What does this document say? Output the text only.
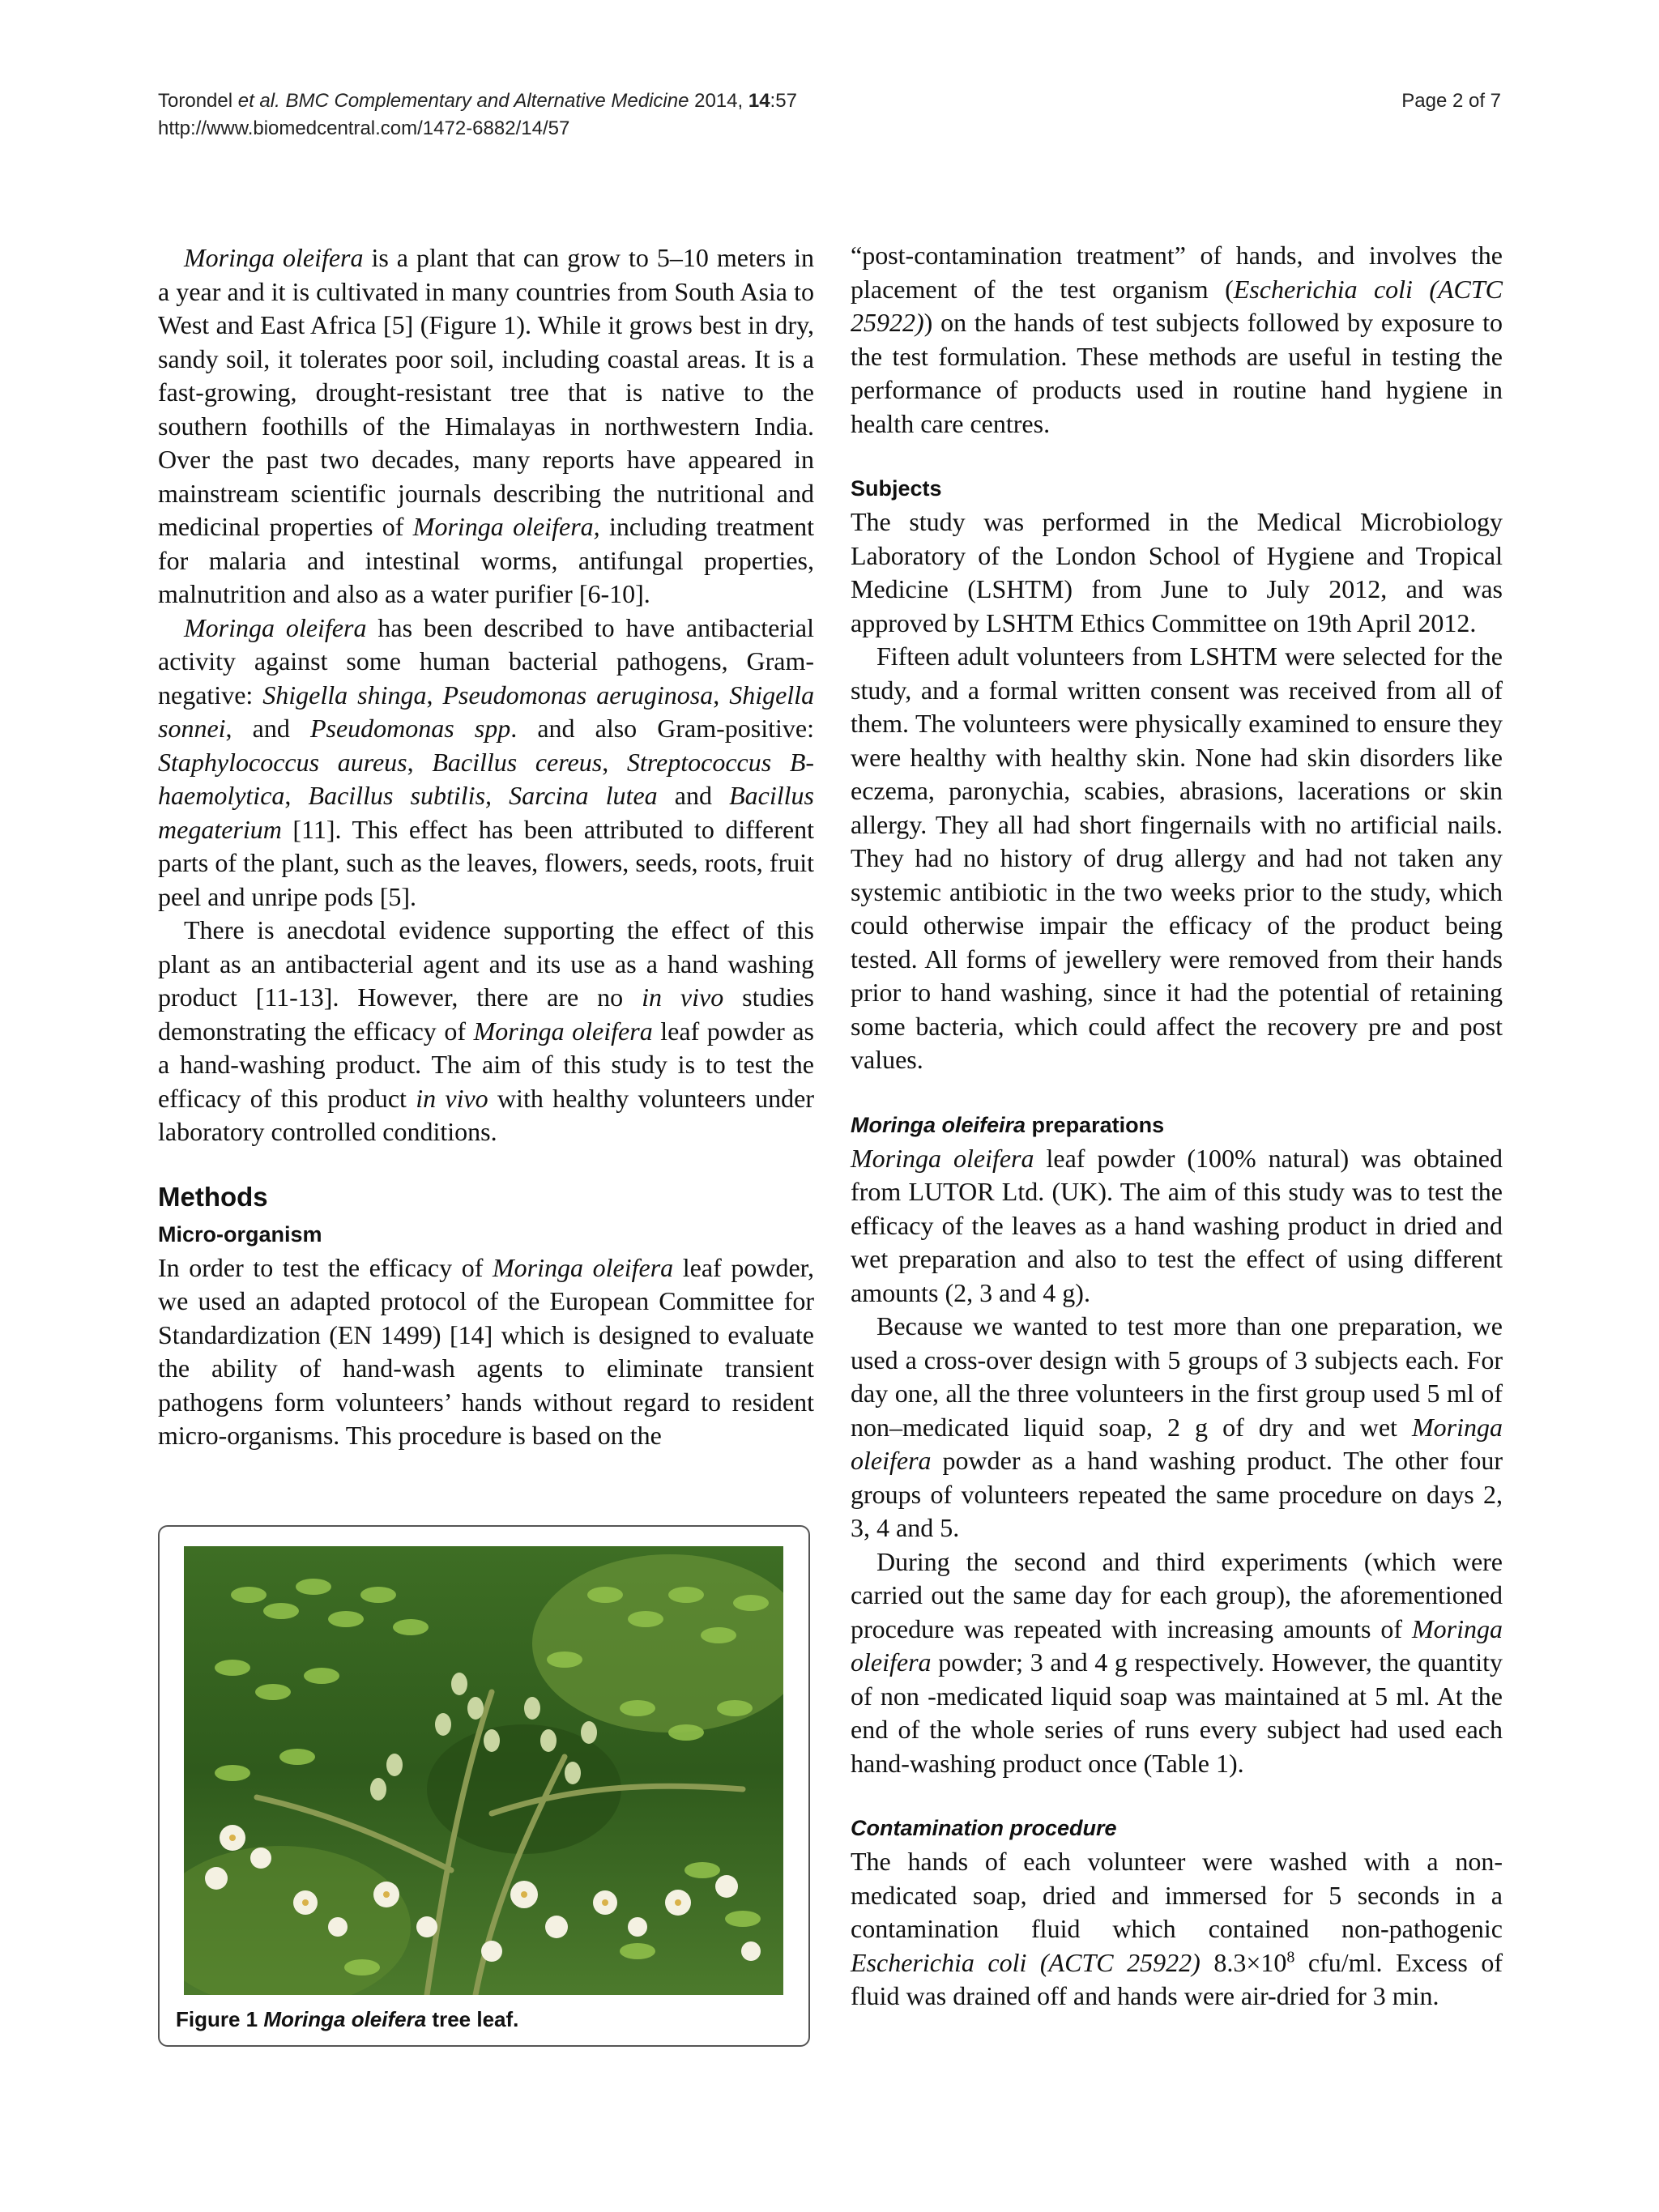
Torondel et al. BMC Complementary and Alternative Medicine 2014, 14:57
http://www.biomedcentral.com/1472-6882/14/57
Page 2 of 7

Moringa oleifera is a plant that can grow to 5–10 meters in a year and it is cultivated in many countries from South Asia to West and East Africa [5] (Figure 1). While it grows best in dry, sandy soil, it tolerates poor soil, including coastal areas. It is a fast-growing, drought-resistant tree that is native to the southern foothills of the Himalayas in northwestern India. Over the past two decades, many reports have appeared in mainstream scientific journals describing the nutritional and medicinal properties of Moringa oleifera, including treatment for malaria and intestinal worms, antifungal properties, malnutrition and also as a water purifier [6-10].

Moringa oleifera has been described to have antibacterial activity against some human bacterial pathogens, Gram-negative: Shigella shinga, Pseudomonas aeruginosa, Shigella sonnei, and Pseudomonas spp. and also Gram-positive: Staphylococcus aureus, Bacillus cereus, Streptococcus B-haemolytica, Bacillus subtilis, Sarcina lutea and Bacillus megaterium [11]. This effect has been attributed to different parts of the plant, such as the leaves, flowers, seeds, roots, fruit peel and unripe pods [5].

There is anecdotal evidence supporting the effect of this plant as an antibacterial agent and its use as a hand washing product [11-13]. However, there are no in vivo studies demonstrating the efficacy of Moringa oleifera leaf powder as a hand-washing product. The aim of this study is to test the efficacy of this product in vivo with healthy volunteers under laboratory controlled conditions.

Methods
Micro-organism

In order to test the efficacy of Moringa oleifera leaf powder, we used an adapted protocol of the European Committee for Standardization (EN 1499) [14] which is designed to evaluate the ability of hand-wash agents to eliminate transient pathogens form volunteers’ hands without regard to resident micro-organisms. This procedure is based on the

Figure 1 Moringa oleifera tree leaf.

“post-contamination treatment” of hands, and involves the placement of the test organism (Escherichia coli (ACTC 25922)) on the hands of test subjects followed by exposure to the test formulation. These methods are useful in testing the performance of products used in routine hand hygiene in health care centres.

Subjects

The study was performed in the Medical Microbiology Laboratory of the London School of Hygiene and Tropical Medicine (LSHTM) from June to July 2012, and was approved by LSHTM Ethics Committee on 19th April 2012.

Fifteen adult volunteers from LSHTM were selected for the study, and a formal written consent was received from all of them. The volunteers were physically examined to ensure they were healthy with healthy skin. None had skin disorders like eczema, paronychia, scabies, abrasions, lacerations or skin allergy. They all had short fingernails with no artificial nails. They had no history of drug allergy and had not taken any systemic antibiotic in the two weeks prior to the study, which could otherwise impair the efficacy of the product being tested. All forms of jewellery were removed from their hands prior to hand washing, since it had the potential of retaining some bacteria, which could affect the recovery pre and post values.

Moringa oleifeira preparations

Moringa oleifera leaf powder (100% natural) was obtained from LUTOR Ltd. (UK). The aim of this study was to test the efficacy of the leaves as a hand washing product in dried and wet preparation and also to test the effect of using different amounts (2, 3 and 4 g).

Because we wanted to test more than one preparation, we used a cross-over design with 5 groups of 3 subjects each. For day one, all the three volunteers in the first group used 5 ml of non–medicated liquid soap, 2 g of dry and wet Moringa oleifera powder as a hand washing product. The other four groups of volunteers repeated the same procedure on days 2, 3, 4 and 5.

During the second and third experiments (which were carried out the same day for each group), the aforementioned procedure was repeated with increasing amounts of Moringa oleifera powder; 3 and 4 g respectively. However, the quantity of non -medicated liquid soap was maintained at 5 ml. At the end of the whole series of runs every subject had used each hand-washing product once (Table 1).

Contamination procedure

The hands of each volunteer were washed with a non-medicated soap, dried and immersed for 5 seconds in a contamination fluid which contained non-pathogenic Escherichia coli (ACTC 25922) $8.3\times 10^8$ cfu/ml. Excess of fluid was drained off and hands were air-dried for 3 min.
